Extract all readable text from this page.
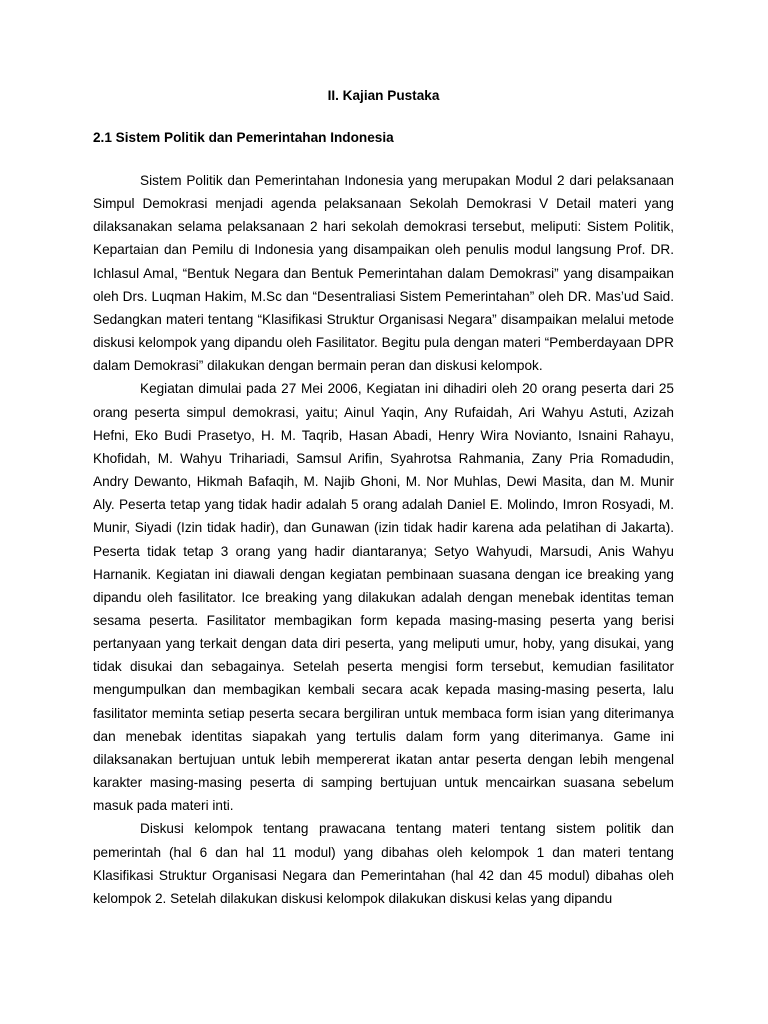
II. Kajian Pustaka
2.1 Sistem Politik dan Pemerintahan Indonesia

Sistem Politik dan Pemerintahan Indonesia yang merupakan Modul 2 dari pelaksanaan Simpul Demokrasi menjadi agenda pelaksanaan Sekolah Demokrasi V Detail materi yang dilaksanakan selama pelaksanaan 2 hari sekolah demokrasi tersebut, meliputi: Sistem Politik, Kepartaian dan Pemilu di Indonesia yang disampaikan oleh penulis modul langsung Prof. DR. Ichlasul Amal, “Bentuk Negara dan Bentuk Pemerintahan dalam Demokrasi” yang disampaikan oleh Drs. Luqman Hakim, M.Sc dan “Desentraliasi Sistem Pemerintahan” oleh DR. Mas’ud Said. Sedangkan materi tentang “Klasifikasi Struktur Organisasi Negara” disampaikan melalui metode diskusi kelompok yang dipandu oleh Fasilitator. Begitu pula dengan materi “Pemberdayaan DPR dalam Demokrasi” dilakukan dengan bermain peran dan diskusi kelompok.

Kegiatan dimulai pada 27 Mei 2006, Kegiatan ini dihadiri oleh 20 orang peserta dari 25 orang peserta simpul demokrasi, yaitu; Ainul Yaqin, Any Rufaidah, Ari Wahyu Astuti, Azizah Hefni, Eko Budi Prasetyo, H. M. Taqrib, Hasan Abadi, Henry Wira Novianto, Isnaini Rahayu, Khofidah, M. Wahyu Trihariadi, Samsul Arifin, Syahrotsa Rahmania, Zany Pria Romadudin, Andry Dewanto, Hikmah Bafaqih, M. Najib Ghoni, M. Nor Muhlas, Dewi Masita, dan M. Munir Aly. Peserta tetap yang tidak hadir adalah 5 orang adalah Daniel E. Molindo, Imron Rosyadi, M. Munir, Siyadi (Izin tidak hadir), dan Gunawan (izin tidak hadir karena ada pelatihan di Jakarta). Peserta tidak tetap 3 orang yang hadir diantaranya; Setyo Wahyudi, Marsudi, Anis Wahyu Harnanik. Kegiatan ini diawali dengan kegiatan pembinaan suasana dengan ice breaking yang dipandu oleh fasilitator. Ice breaking yang dilakukan adalah dengan menebak identitas teman sesama peserta. Fasilitator membagikan form kepada masing-masing peserta yang berisi pertanyaan yang terkait dengan data diri peserta, yang meliputi umur, hoby, yang disukai, yang tidak disukai dan sebagainya. Setelah peserta mengisi form tersebut, kemudian fasilitator mengumpulkan dan membagikan kembali secara acak kepada masing-masing peserta, lalu fasilitator meminta setiap peserta secara bergiliran untuk membaca form isian yang diterimanya dan menebak identitas siapakah yang tertulis dalam form yang diterimanya. Game ini dilaksanakan bertujuan untuk lebih mempererat ikatan antar peserta dengan lebih mengenal karakter masing-masing peserta di samping bertujuan untuk mencairkan suasana sebelum masuk pada materi inti.

Diskusi kelompok tentang prawacana tentang materi tentang sistem politik dan pemerintah (hal 6 dan hal 11 modul) yang dibahas oleh kelompok 1 dan materi tentang Klasifikasi Struktur Organisasi Negara dan Pemerintahan (hal 42 dan 45 modul) dibahas oleh kelompok 2. Setelah dilakukan diskusi kelompok dilakukan diskusi kelas yang dipandu
